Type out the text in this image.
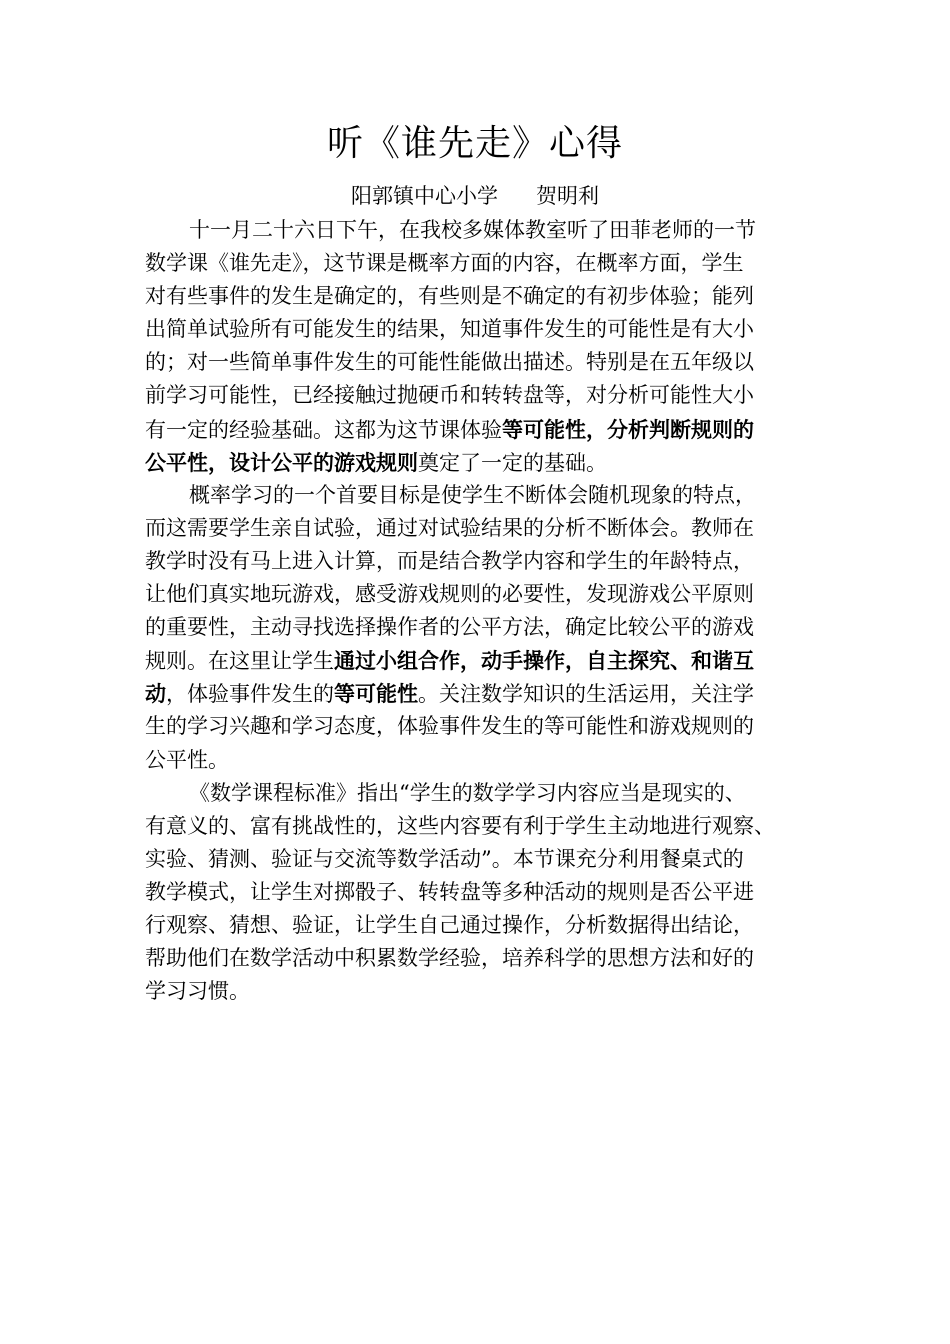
听《谁先走》心得
阳郭镇中心小学 贺明利
十一月二十六日下午，在我校多媒体教室听了田菲老师的一节
数学课《谁先走》，这节课是概率方面的内容，在概率方面，学生
对有些事件的发生是确定的，有些则是不确定的有初步体验；能列
出简单试验所有可能发生的结果，知道事件发生的可能性是有大小
的；对一些简单事件发生的可能性能做出描述。特别是在五年级以
前学习可能性，已经接触过抛硬币和转转盘等，对分析可能性大小
有一定的经验基础。这都为这节课体验等可能性，分析判断规则的
公平性，设计公平的游戏规则奠定了一定的基础。
概率学习的一个首要目标是使学生不断体会随机现象的特点，
而这需要学生亲自试验，通过对试验结果的分析不断体会。教师在
教学时没有马上进入计算，而是结合教学内容和学生的年龄特点，
让他们真实地玩游戏，感受游戏规则的必要性，发现游戏公平原则
的重要性，主动寻找选择操作者的公平方法，确定比较公平的游戏
规则。在这里让学生通过小组合作，动手操作，自主探究、和谐互
动，体验事件发生的等可能性。关注数学知识的生活运用，关注学
生的学习兴趣和学习态度，体验事件发生的等可能性和游戏规则的
公平性。
《数学课程标准》指出“学生的数学学习内容应当是现实的、
有意义的、富有挑战性的，这些内容要有利于学生主动地进行观察、
实验、猜测、验证与交流等数学活动”。本节课充分利用餐桌式的
教学模式，让学生对掷骰子、转转盘等多种活动的规则是否公平进
行观察、猜想、验证，让学生自己通过操作，分析数据得出结论，
帮助他们在数学活动中积累数学经验，培养科学的思想方法和好的
学习习惯。
